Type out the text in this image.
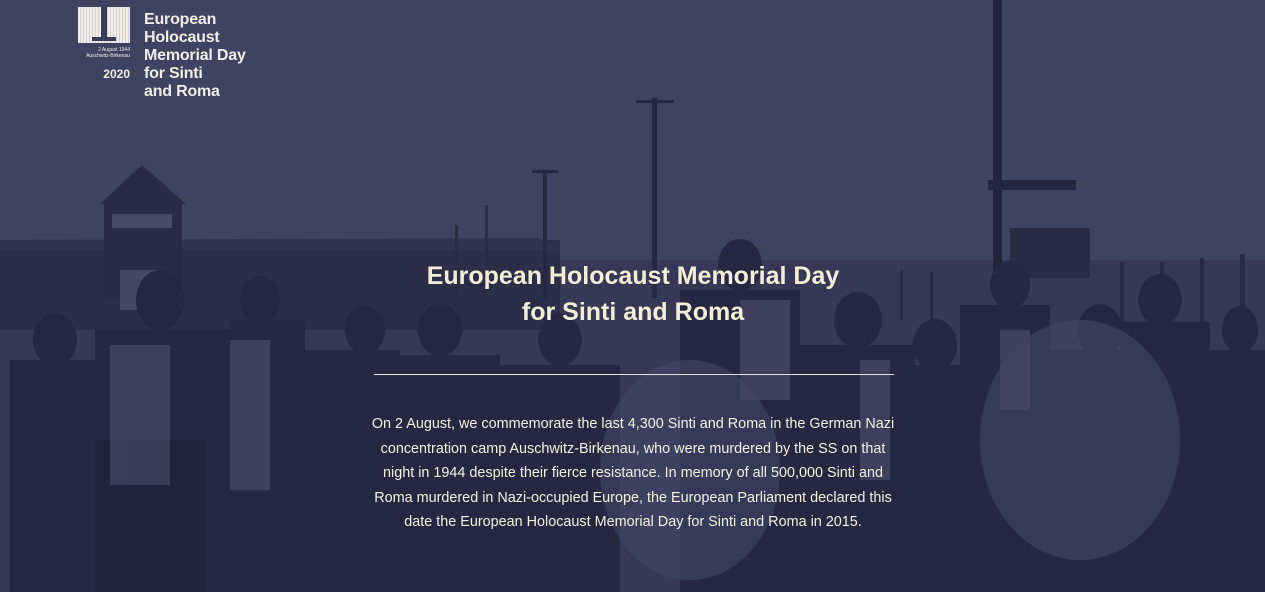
2 August 1944
Auschwitz-Birkenau
2020
European
Holocaust
Memorial Day
for Sinti
and Roma
European Holocaust Memorial Day
for Sinti and Roma

On 2 August, we commemorate the last 4,300 Sinti and Roma in the German Nazi concentration camp Auschwitz-Birkenau, who were murdered by the SS on that night in 1944 despite their fierce resistance. In memory of all 500,000 Sinti and Roma murdered in Nazi-occupied Europe, the European Parliament declared this date the European Holocaust Memorial Day for Sinti and Roma in 2015.
